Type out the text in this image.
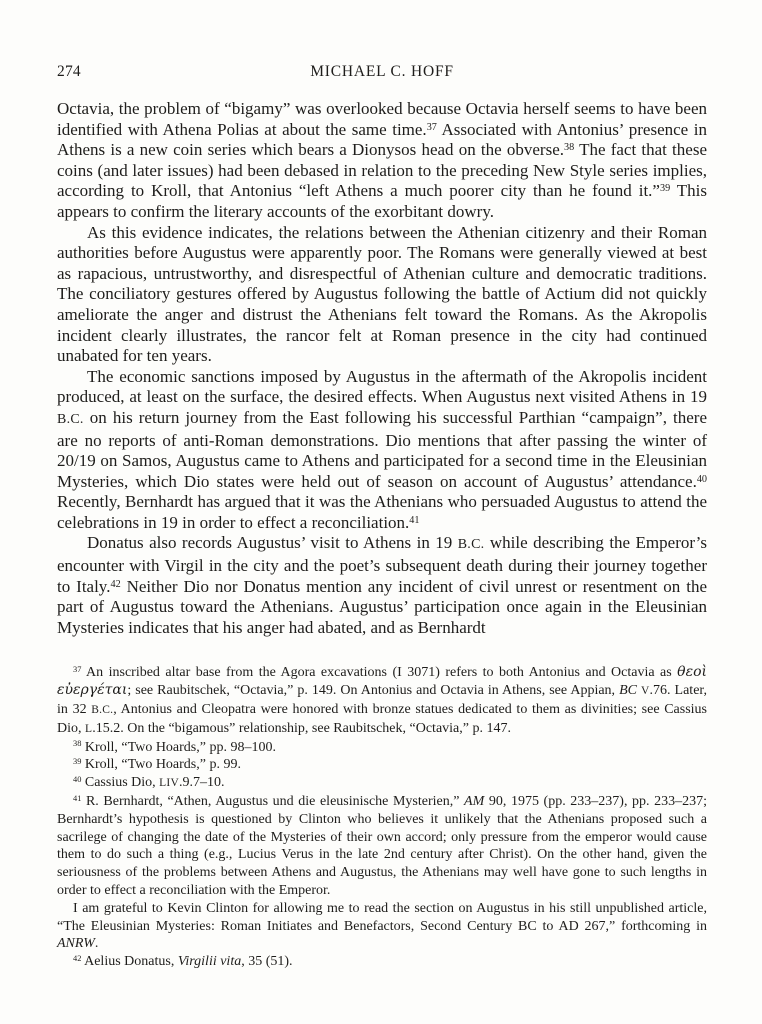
274	MICHAEL C. HOFF

Octavia, the problem of “bigamy” was overlooked because Octavia herself seems to have been identified with Athena Polias at about the same time.$^{37}$ Associated with Antonius’ presence in Athens is a new coin series which bears a Dionysos head on the obverse.$^{38}$ The fact that these coins (and later issues) had been debased in relation to the preceding New Style series implies, according to Kroll, that Antonius “left Athens a much poorer city than he found it.”$^{39}$ This appears to confirm the literary accounts of the exorbitant dowry.

As this evidence indicates, the relations between the Athenian citizenry and their Roman authorities before Augustus were apparently poor. The Romans were generally viewed at best as rapacious, untrustworthy, and disrespectful of Athenian culture and democratic traditions. The conciliatory gestures offered by Augustus following the battle of Actium did not quickly ameliorate the anger and distrust the Athenians felt toward the Romans. As the Akropolis incident clearly illustrates, the rancor felt at Roman presence in the city had continued unabated for ten years.

The economic sanctions imposed by Augustus in the aftermath of the Akropolis incident produced, at least on the surface, the desired effects. When Augustus next visited Athens in 19 B.C. on his return journey from the East following his successful Parthian “campaign”, there are no reports of anti-Roman demonstrations. Dio mentions that after passing the winter of 20/19 on Samos, Augustus came to Athens and participated for a second time in the Eleusinian Mysteries, which Dio states were held out of season on account of Augustus’ attendance.$^{40}$ Recently, Bernhardt has argued that it was the Athenians who persuaded Augustus to attend the celebrations in 19 in order to effect a reconciliation.$^{41}$

Donatus also records Augustus’ visit to Athens in 19 B.C. while describing the Emperor’s encounter with Virgil in the city and the poet’s subsequent death during their journey together to Italy.$^{42}$ Neither Dio nor Donatus mention any incident of civil unrest or resentment on the part of Augustus toward the Athenians. Augustus’ participation once again in the Eleusinian Mysteries indicates that his anger had abated, and as Bernhardt

$^{37}$ An inscribed altar base from the Agora excavations (I 3071) refers to both Antonius and Octavia as θεοὶ εὐεργέται; see Raubitschek, “Octavia,” p. 149. On Antonius and Octavia in Athens, see Appian, BC V.76. Later, in 32 B.C., Antonius and Cleopatra were honored with bronze statues dedicated to them as divinities; see Cassius Dio, L.15.2. On the “bigamous” relationship, see Raubitschek, “Octavia,” p. 147.

$^{38}$ Kroll, “Two Hoards,” pp. 98–100.

$^{39}$ Kroll, “Two Hoards,” p. 99.

$^{40}$ Cassius Dio, LIV.9.7–10.

$^{41}$ R. Bernhardt, “Athen, Augustus und die eleusinische Mysterien,” AM 90, 1975 (pp. 233–237), pp. 233–237; Bernhardt’s hypothesis is questioned by Clinton who believes it unlikely that the Athenians proposed such a sacrilege of changing the date of the Mysteries of their own accord; only pressure from the emperor would cause them to do such a thing (e.g., Lucius Verus in the late 2nd century after Christ). On the other hand, given the seriousness of the problems between Athens and Augustus, the Athenians may well have gone to such lengths in order to effect a reconciliation with the Emperor.

I am grateful to Kevin Clinton for allowing me to read the section on Augustus in his still unpublished article, “The Eleusinian Mysteries: Roman Initiates and Benefactors, Second Century BC to AD 267,” forthcoming in ANRW.

$^{42}$ Aelius Donatus, Virgilii vita, 35 (51).
